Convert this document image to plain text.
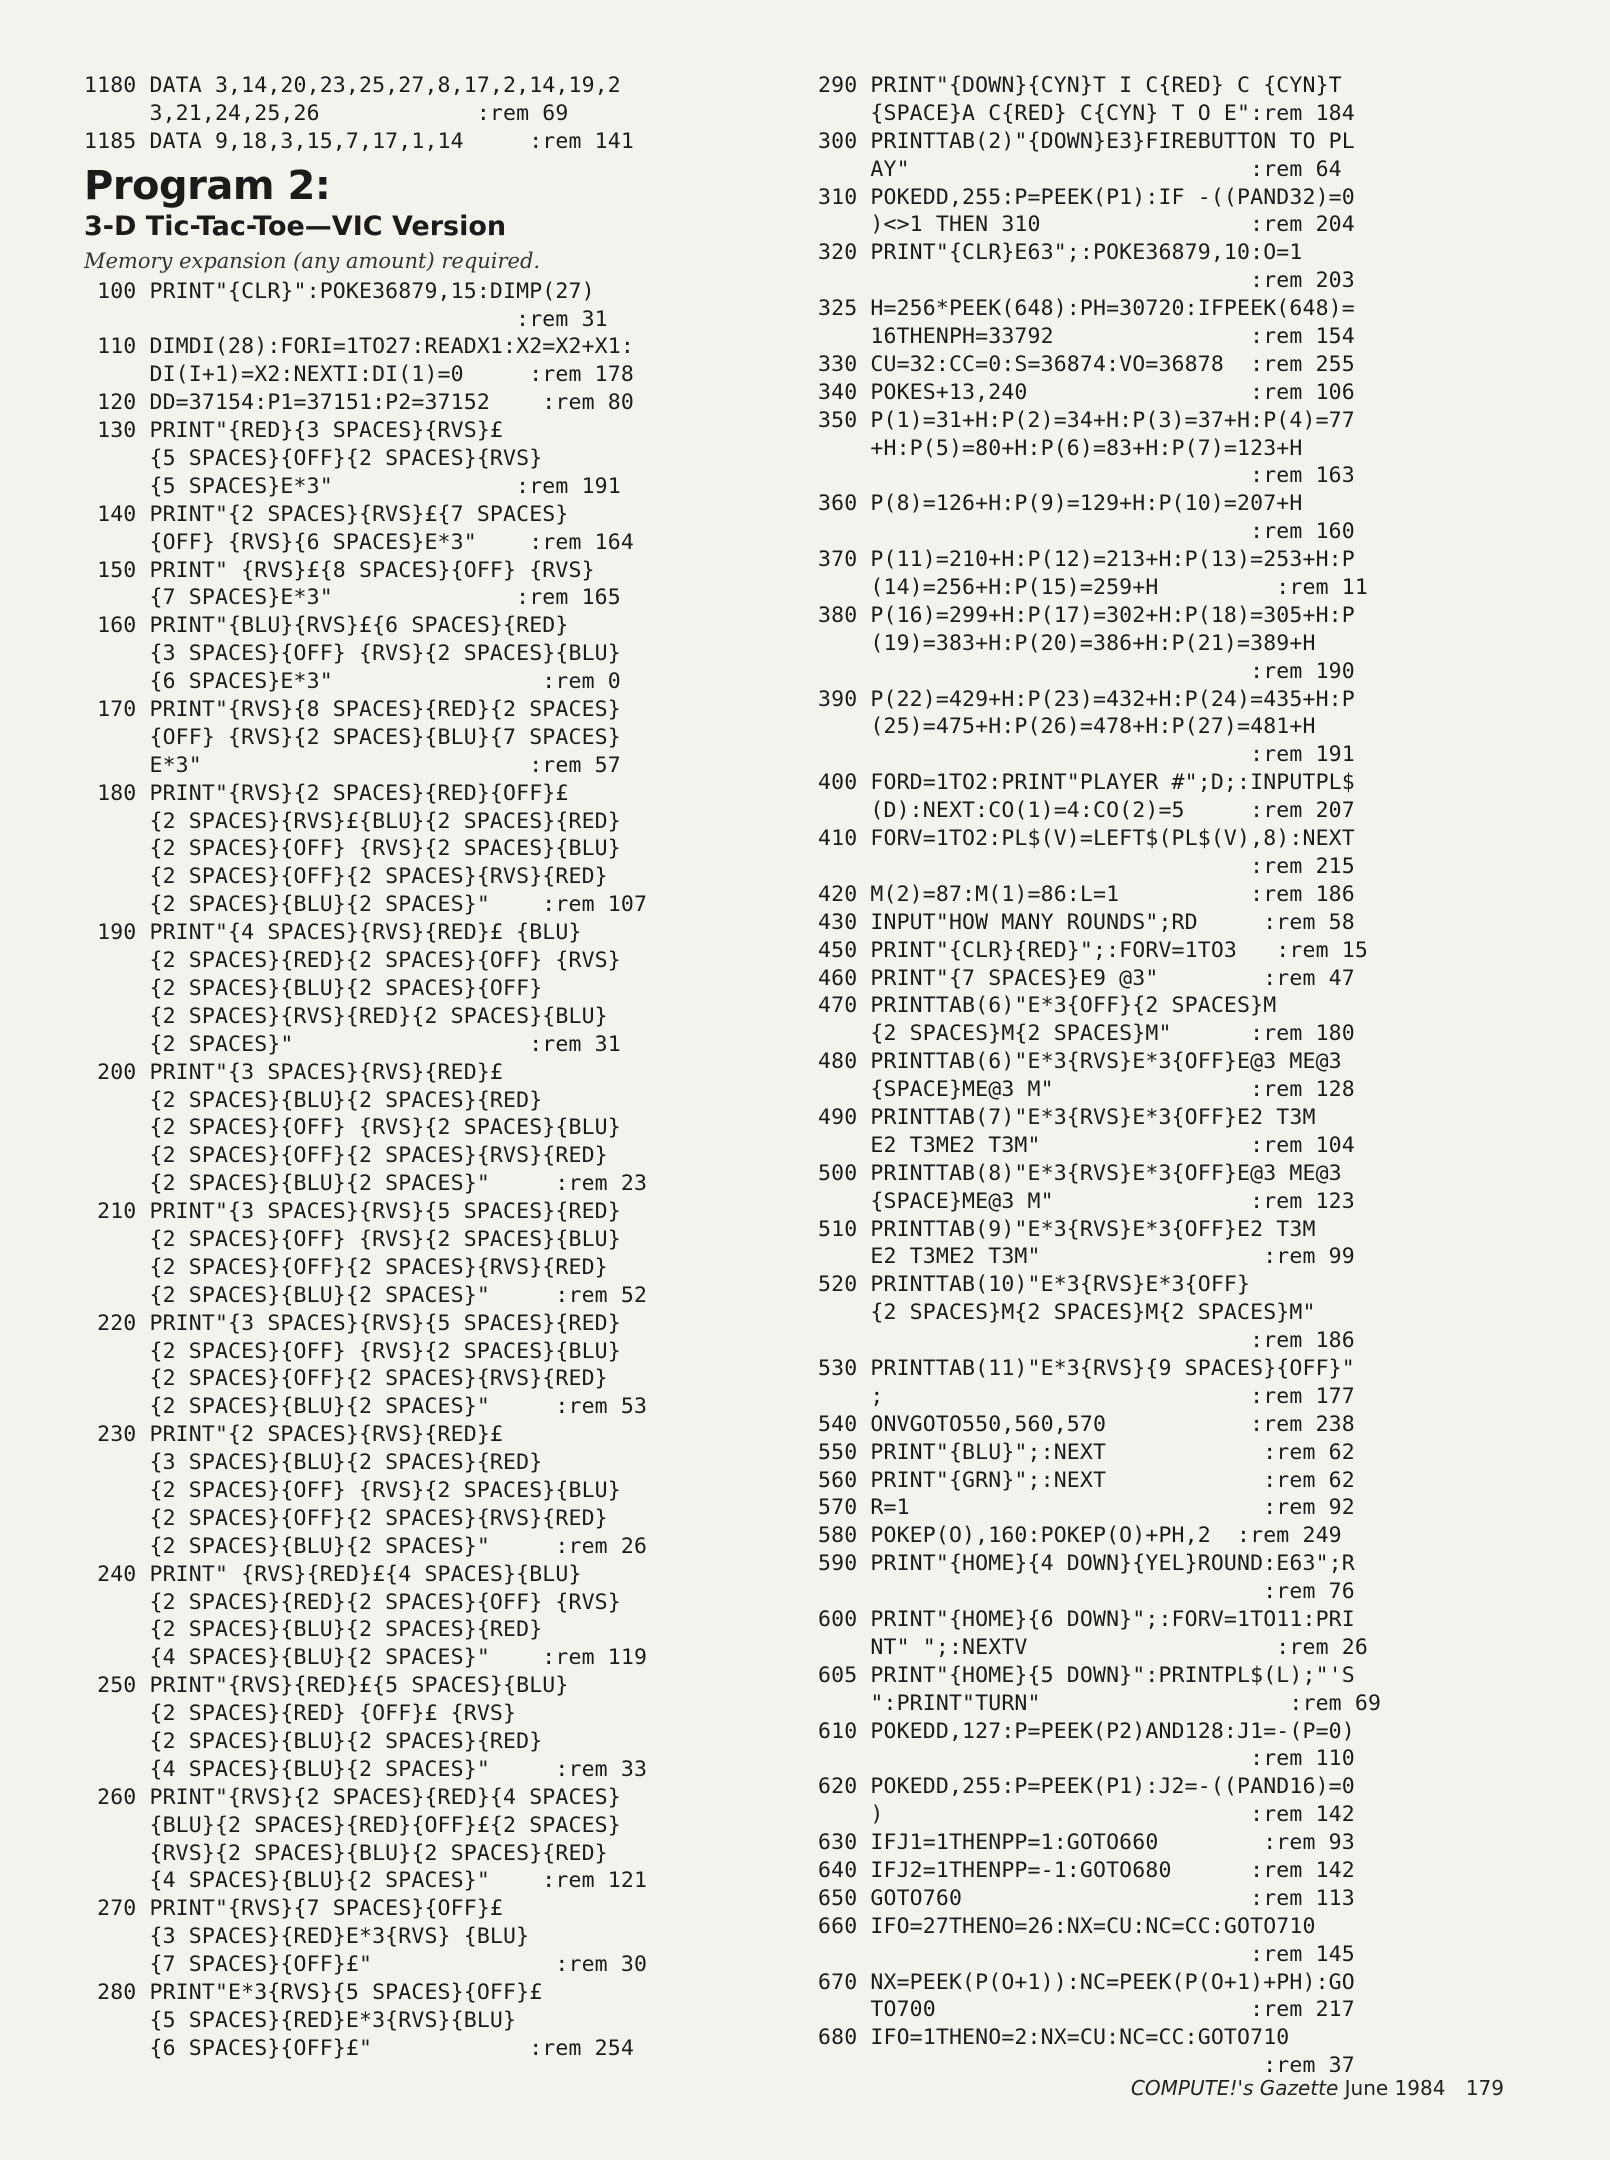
1180 DATA 3,14,20,23,25,27,8,17,2,14,19,2
3,21,24,25,26            :rem 69
1185 DATA 9,18,3,15,7,17,1,14     :rem 141
Program 2:
3-D Tic-Tac-Toe—VIC Version
Memory expansion (any amount) required.
100 PRINT"{CLR}":POKE36879,15:DIMP(27)
:rem 31
110 DIMDI(28):FORI=1TO27:READX1:X2=X2+X1:
DI(I+1)=X2:NEXTI:DI(1)=0     :rem 178
120 DD=37154:P1=37151:P2=37152    :rem 80
130 PRINT"{RED}{3 SPACES}{RVS}£
{5 SPACES}{OFF}{2 SPACES}{RVS}
{5 SPACES}E*3"              :rem 191
140 PRINT"{2 SPACES}{RVS}£{7 SPACES}
{OFF} {RVS}{6 SPACES}E*3"    :rem 164
150 PRINT" {RVS}£{8 SPACES}{OFF} {RVS}
{7 SPACES}E*3"              :rem 165
160 PRINT"{BLU}{RVS}£{6 SPACES}{RED}
{3 SPACES}{OFF} {RVS}{2 SPACES}{BLU}
{6 SPACES}E*3"                :rem 0
170 PRINT"{RVS}{8 SPACES}{RED}{2 SPACES}
{OFF} {RVS}{2 SPACES}{BLU}{7 SPACES}
E*3"                         :rem 57
180 PRINT"{RVS}{2 SPACES}{RED}{OFF}£
{2 SPACES}{RVS}£{BLU}{2 SPACES}{RED}
{2 SPACES}{OFF} {RVS}{2 SPACES}{BLU}
{2 SPACES}{OFF}{2 SPACES}{RVS}{RED}
{2 SPACES}{BLU}{2 SPACES}"    :rem 107
190 PRINT"{4 SPACES}{RVS}{RED}£ {BLU}
{2 SPACES}{RED}{2 SPACES}{OFF} {RVS}
{2 SPACES}{BLU}{2 SPACES}{OFF}
{2 SPACES}{RVS}{RED}{2 SPACES}{BLU}
{2 SPACES}"                  :rem 31
200 PRINT"{3 SPACES}{RVS}{RED}£
{2 SPACES}{BLU}{2 SPACES}{RED}
{2 SPACES}{OFF} {RVS}{2 SPACES}{BLU}
{2 SPACES}{OFF}{2 SPACES}{RVS}{RED}
{2 SPACES}{BLU}{2 SPACES}"     :rem 23
210 PRINT"{3 SPACES}{RVS}{5 SPACES}{RED}
{2 SPACES}{OFF} {RVS}{2 SPACES}{BLU}
{2 SPACES}{OFF}{2 SPACES}{RVS}{RED}
{2 SPACES}{BLU}{2 SPACES}"     :rem 52
220 PRINT"{3 SPACES}{RVS}{5 SPACES}{RED}
{2 SPACES}{OFF} {RVS}{2 SPACES}{BLU}
{2 SPACES}{OFF}{2 SPACES}{RVS}{RED}
{2 SPACES}{BLU}{2 SPACES}"     :rem 53
230 PRINT"{2 SPACES}{RVS}{RED}£
{3 SPACES}{BLU}{2 SPACES}{RED}
{2 SPACES}{OFF} {RVS}{2 SPACES}{BLU}
{2 SPACES}{OFF}{2 SPACES}{RVS}{RED}
{2 SPACES}{BLU}{2 SPACES}"     :rem 26
240 PRINT" {RVS}{RED}£{4 SPACES}{BLU}
{2 SPACES}{RED}{2 SPACES}{OFF} {RVS}
{2 SPACES}{BLU}{2 SPACES}{RED}
{4 SPACES}{BLU}{2 SPACES}"    :rem 119
250 PRINT"{RVS}{RED}£{5 SPACES}{BLU}
{2 SPACES}{RED} {OFF}£ {RVS}
{2 SPACES}{BLU}{2 SPACES}{RED}
{4 SPACES}{BLU}{2 SPACES}"     :rem 33
260 PRINT"{RVS}{2 SPACES}{RED}{4 SPACES}
{BLU}{2 SPACES}{RED}{OFF}£{2 SPACES}
{RVS}{2 SPACES}{BLU}{2 SPACES}{RED}
{4 SPACES}{BLU}{2 SPACES}"    :rem 121
270 PRINT"{RVS}{7 SPACES}{OFF}£
{3 SPACES}{RED}E*3{RVS} {BLU}
{7 SPACES}{OFF}£"              :rem 30
280 PRINT"E*3{RVS}{5 SPACES}{OFF}£
{5 SPACES}{RED}E*3{RVS}{BLU}
{6 SPACES}{OFF}£"            :rem 254
290 PRINT"{DOWN}{CYN}T I C{RED} C {CYN}T
{SPACE}A C{RED} C{CYN} T O E":rem 184
300 PRINTTAB(2)"{DOWN}E3}FIREBUTTON TO PL
AY"                          :rem 64
310 POKEDD,255:P=PEEK(P1):IF -((PAND32)=0
)<>1 THEN 310                :rem 204
320 PRINT"{CLR}E63";:POKE36879,10:O=1
:rem 203
325 H=256*PEEK(648):PH=30720:IFPEEK(648)=
16THENPH=33792               :rem 154
330 CU=32:CC=0:S=36874:VO=36878  :rem 255
340 POKES+13,240                 :rem 106
350 P(1)=31+H:P(2)=34+H:P(3)=37+H:P(4)=77
+H:P(5)=80+H:P(6)=83+H:P(7)=123+H
:rem 163
360 P(8)=126+H:P(9)=129+H:P(10)=207+H
:rem 160
370 P(11)=210+H:P(12)=213+H:P(13)=253+H:P
(14)=256+H:P(15)=259+H         :rem 11
380 P(16)=299+H:P(17)=302+H:P(18)=305+H:P
(19)=383+H:P(20)=386+H:P(21)=389+H
:rem 190
390 P(22)=429+H:P(23)=432+H:P(24)=435+H:P
(25)=475+H:P(26)=478+H:P(27)=481+H
:rem 191
400 FORD=1TO2:PRINT"PLAYER #";D;:INPUTPL$
(D):NEXT:CO(1)=4:CO(2)=5     :rem 207
410 FORV=1TO2:PL$(V)=LEFT$(PL$(V),8):NEXT
:rem 215
420 M(2)=87:M(1)=86:L=1          :rem 186
430 INPUT"HOW MANY ROUNDS";RD     :rem 58
450 PRINT"{CLR}{RED}";:FORV=1TO3   :rem 15
460 PRINT"{7 SPACES}E9 @3"        :rem 47
470 PRINTTAB(6)"E*3{OFF}{2 SPACES}M
{2 SPACES}M{2 SPACES}M"      :rem 180
480 PRINTTAB(6)"E*3{RVS}E*3{OFF}E@3 ME@3
{SPACE}ME@3 M"               :rem 128
490 PRINTTAB(7)"E*3{RVS}E*3{OFF}E2 T3M
E2 T3ME2 T3M"                :rem 104
500 PRINTTAB(8)"E*3{RVS}E*3{OFF}E@3 ME@3
{SPACE}ME@3 M"               :rem 123
510 PRINTTAB(9)"E*3{RVS}E*3{OFF}E2 T3M
E2 T3ME2 T3M"                 :rem 99
520 PRINTTAB(10)"E*3{RVS}E*3{OFF}
{2 SPACES}M{2 SPACES}M{2 SPACES}M"
:rem 186
530 PRINTTAB(11)"E*3{RVS}{9 SPACES}{OFF}"
;                            :rem 177
540 ONVGOTO550,560,570           :rem 238
550 PRINT"{BLU}";:NEXT            :rem 62
560 PRINT"{GRN}";:NEXT            :rem 62
570 R=1                           :rem 92
580 POKEP(O),160:POKEP(O)+PH,2  :rem 249
590 PRINT"{HOME}{4 DOWN}{YEL}ROUND:E63";R
:rem 76
600 PRINT"{HOME}{6 DOWN}";:FORV=1TO11:PRI
NT" ";:NEXTV                   :rem 26
605 PRINT"{HOME}{5 DOWN}":PRINTPL$(L);"'S
":PRINT"TURN"                   :rem 69
610 POKEDD,127:P=PEEK(P2)AND128:J1=-(P=0)
:rem 110
620 POKEDD,255:P=PEEK(P1):J2=-((PAND16)=0
)                            :rem 142
630 IFJ1=1THENPP=1:GOTO660        :rem 93
640 IFJ2=1THENPP=-1:GOTO680      :rem 142
650 GOTO760                      :rem 113
660 IFO=27THENO=26:NX=CU:NC=CC:GOTO710
:rem 145
670 NX=PEEK(P(O+1)):NC=PEEK(P(O+1)+PH):GO
TO700                        :rem 217
680 IFO=1THENO=2:NX=CU:NC=CC:GOTO710
:rem 37
COMPUTE!'s Gazette June 1984 179
